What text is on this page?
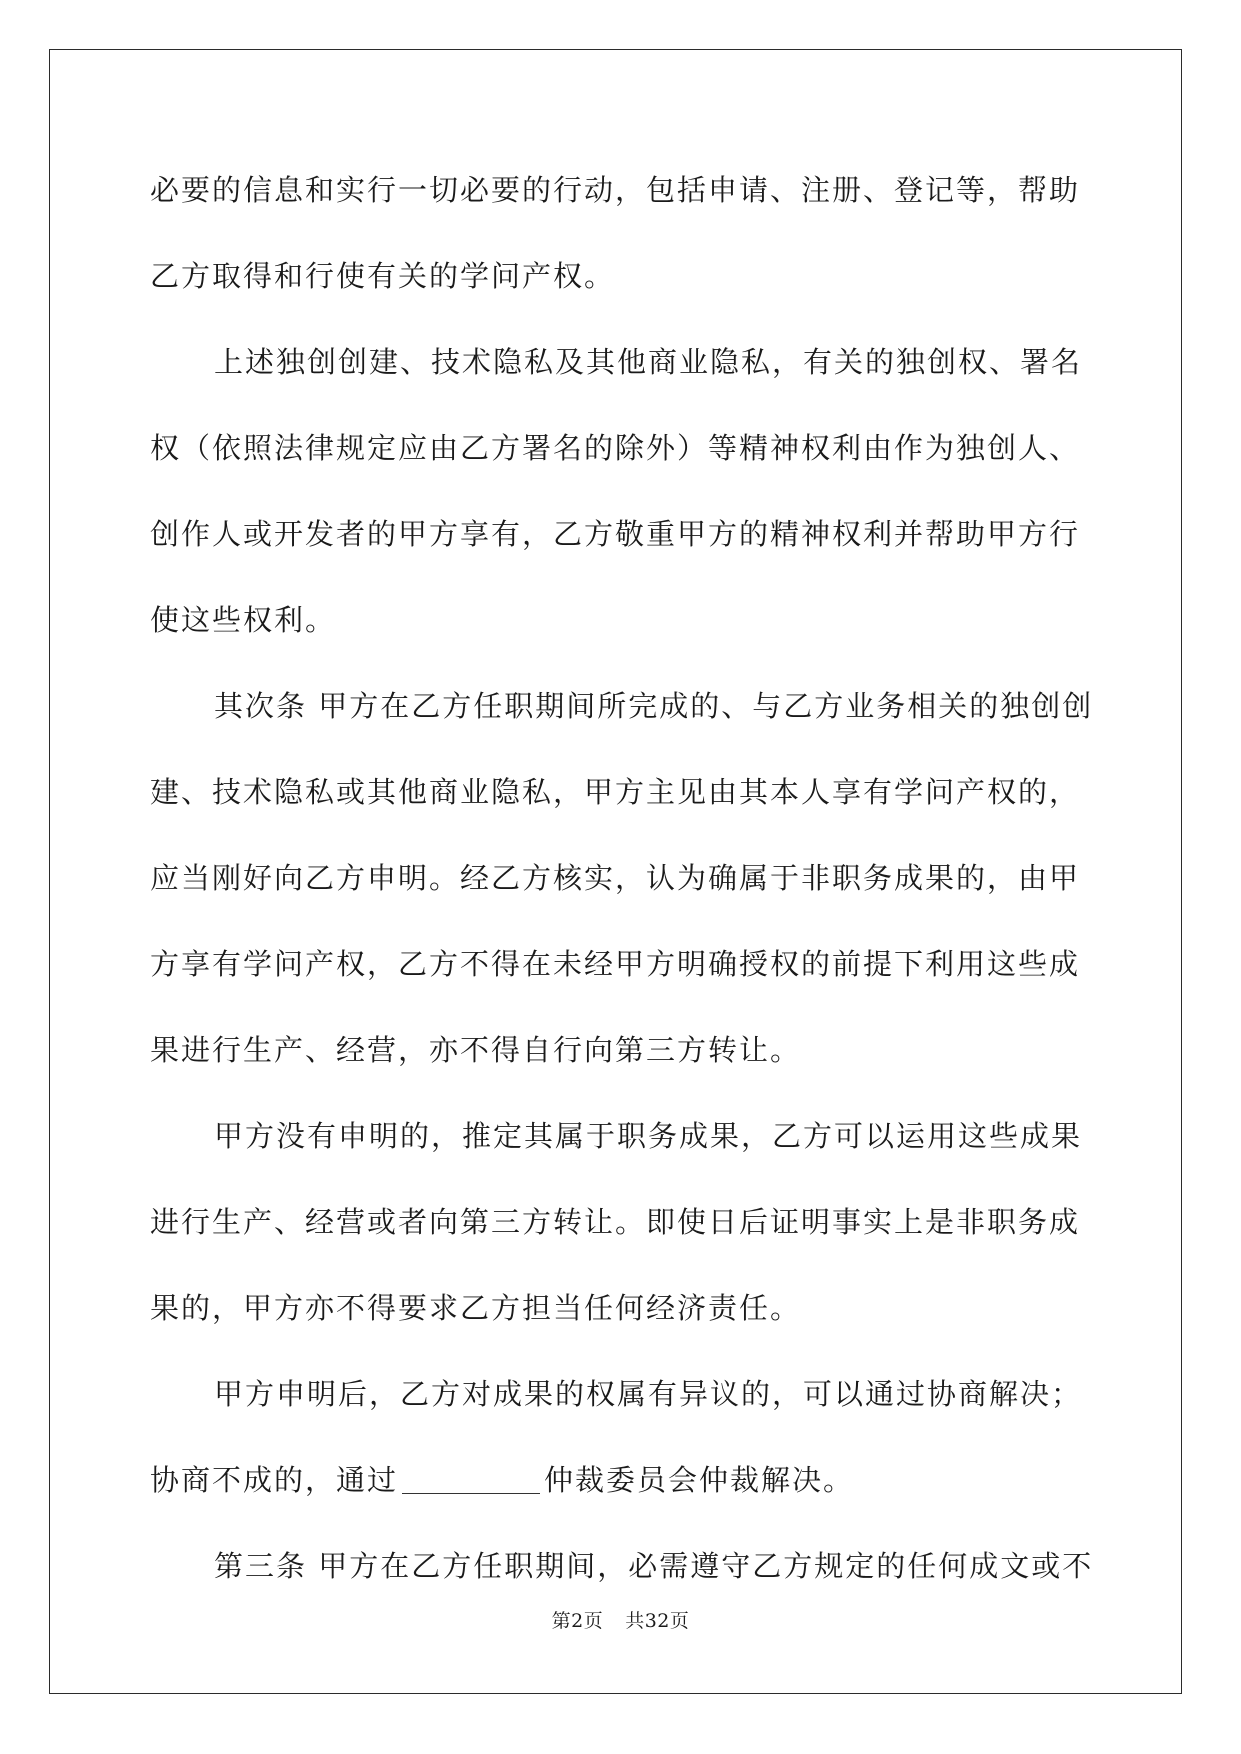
必要的信息和实行一切必要的行动，包括申请、注册、登记等，帮助
乙方取得和行使有关的学问产权。
上述独创创建、技术隐私及其他商业隐私，有关的独创权、署名
权（依照法律规定应由乙方署名的除外）等精神权利由作为独创人、
创作人或开发者的甲方享有，乙方敬重甲方的精神权利并帮助甲方行
使这些权利。
其次条 甲方在乙方任职期间所完成的、与乙方业务相关的独创创
建、技术隐私或其他商业隐私，甲方主见由其本人享有学问产权的，
应当刚好向乙方申明。经乙方核实，认为确属于非职务成果的，由甲
方享有学问产权，乙方不得在未经甲方明确授权的前提下利用这些成
果进行生产、经营，亦不得自行向第三方转让。
甲方没有申明的，推定其属于职务成果，乙方可以运用这些成果
进行生产、经营或者向第三方转让。即使日后证明事实上是非职务成
果的，甲方亦不得要求乙方担当任何经济责任。
甲方申明后，乙方对成果的权属有异议的，可以通过协商解决；
协商不成的，通过	仲裁委员会仲裁解决。
第三条 甲方在乙方任职期间，必需遵守乙方规定的任何成文或不
第2页 共32页
